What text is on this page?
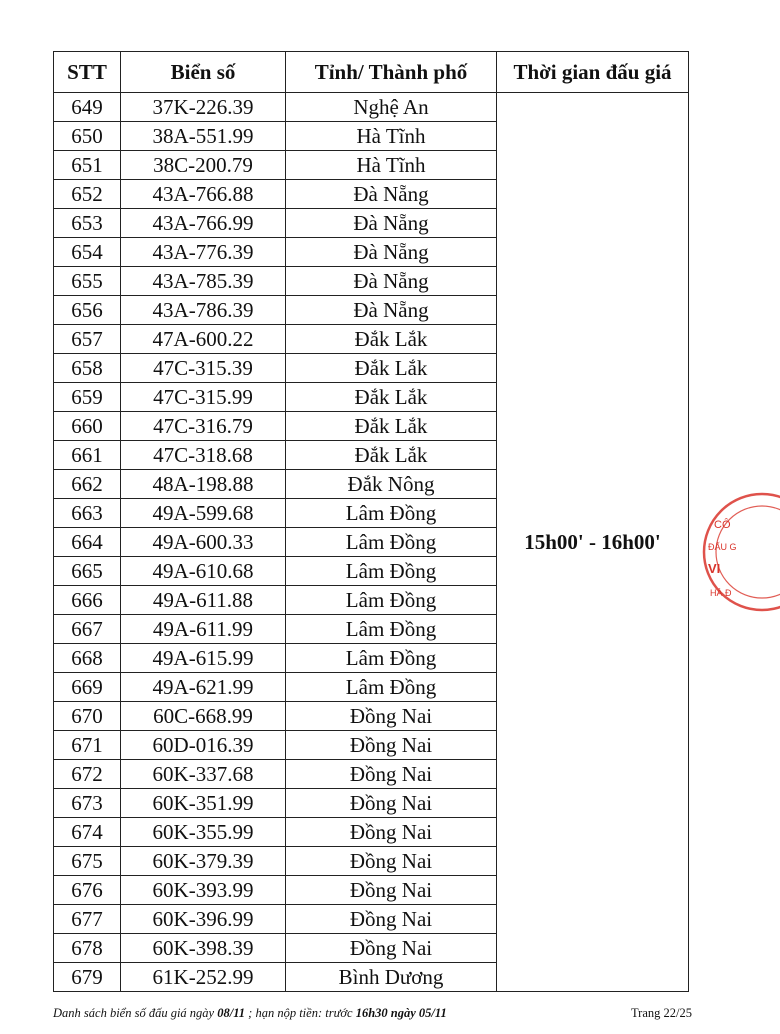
STT	Biển số	Tỉnh/ Thành phố	Thời gian đấu giá
649	37K-226.39	Nghệ An	15h00' - 16h00'
650	38A-551.99	Hà Tĩnh	
651	38C-200.79	Hà Tĩnh	
652	43A-766.88	Đà Nẵng	
653	43A-766.99	Đà Nẵng	
654	43A-776.39	Đà Nẵng	
655	43A-785.39	Đà Nẵng	
656	43A-786.39	Đà Nẵng	
657	47A-600.22	Đắk Lắk	
658	47C-315.39	Đắk Lắk	
659	47C-315.99	Đắk Lắk	
660	47C-316.79	Đắk Lắk	
661	47C-318.68	Đắk Lắk	
662	48A-198.88	Đắk Nông	
663	49A-599.68	Lâm Đồng	
664	49A-600.33	Lâm Đồng	
665	49A-610.68	Lâm Đồng	
666	49A-611.88	Lâm Đồng	
667	49A-611.99	Lâm Đồng	
668	49A-615.99	Lâm Đồng	
669	49A-621.99	Lâm Đồng	
670	60C-668.99	Đồng Nai	
671	60D-016.39	Đồng Nai	
672	60K-337.68	Đồng Nai	
673	60K-351.99	Đồng Nai	
674	60K-355.99	Đồng Nai	
675	60K-379.39	Đồng Nai	
676	60K-393.99	Đồng Nai	
677	60K-396.99	Đồng Nai	
678	60K-398.39	Đồng Nai	
679	61K-252.99	Bình Dương	
Danh sách biển số đấu giá ngày 08/11 ; hạn nộp tiền: trước 16h30 ngày 05/11	Trang 22/25
CÔ
ĐẤU G
VI
HÀ Đ
